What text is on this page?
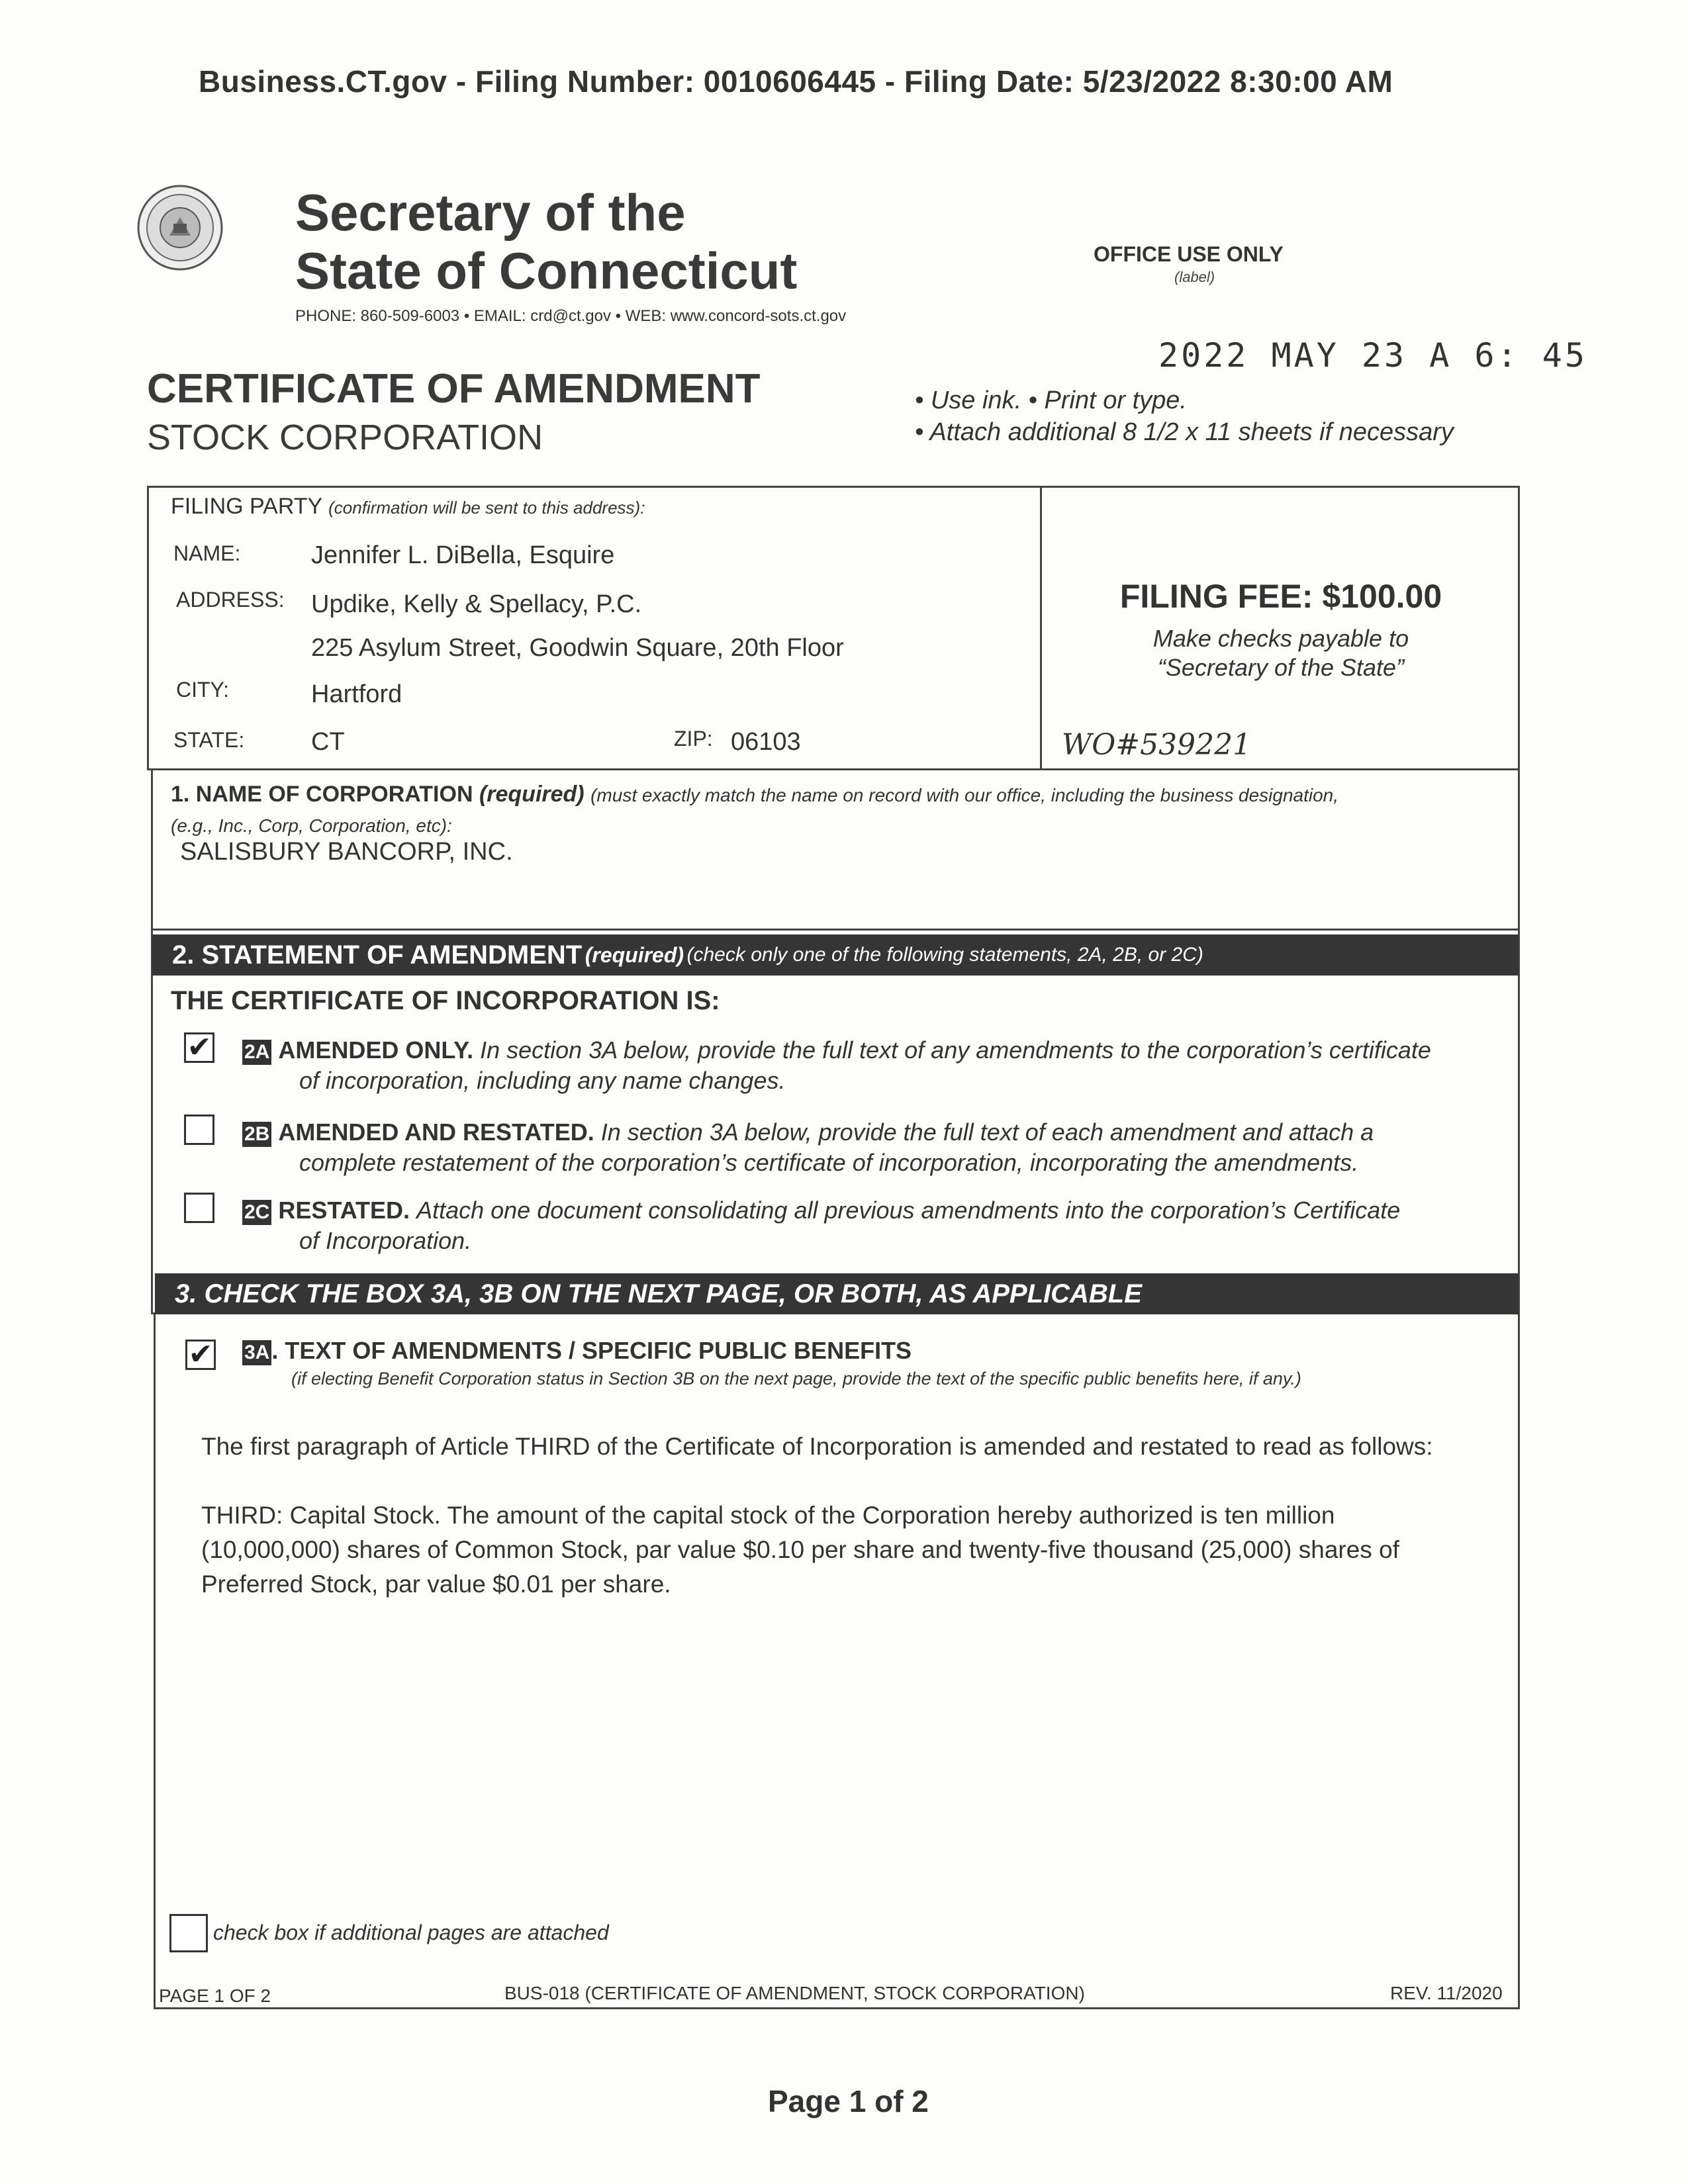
Business.CT.gov - Filing Number: 0010606445 - Filing Date: 5/23/2022 8:30:00 AM
Secretary of the
State of Connecticut
PHONE: 860-509-6003 • EMAIL: crd@ct.gov • WEB: www.concord-sots.ct.gov
OFFICE USE ONLY
(label)
2022 MAY 23 A 6: 45
CERTIFICATE OF AMENDMENT
STOCK CORPORATION
• Use ink. • Print or type.
• Attach additional 8 1/2 x 11 sheets if necessary
FILING PARTY (confirmation will be sent to this address):
NAME:	Jennifer L. DiBella, Esquire
ADDRESS: Updike, Kelly & Spellacy, P.C.
225 Asylum Street, Goodwin Square, 20th Floor
CITY:	Hartford
STATE:	CT	ZIP: 06103
FILING FEE: $100.00
Make checks payable to
“Secretary of the State”
WO#539221
1. NAME OF CORPORATION (required) (must exactly match the name on record with our office, including the business designation,
(e.g., Inc., Corp, Corporation, etc):
SALISBURY BANCORP, INC.
2. STATEMENT OF AMENDMENT
(required)
(check only one of the following statements, 2A, 2B, or 2C)
THE CERTIFICATE OF INCORPORATION IS:
✔ 2A AMENDED ONLY. In section 3A below, provide the full text of any amendments to the corporation’s certificate
of incorporation, including any name changes.
2B AMENDED AND RESTATED. In section 3A below, provide the full text of each amendment and attach a
complete restatement of the corporation’s certificate of incorporation, incorporating the amendments.
2C RESTATED. Attach one document consolidating all previous amendments into the corporation’s Certificate
of Incorporation.
3. CHECK THE BOX 3A, 3B ON THE NEXT PAGE, OR BOTH, AS APPLICABLE
✔ 3A. TEXT OF AMENDMENTS / SPECIFIC PUBLIC BENEFITS
(if electing Benefit Corporation status in Section 3B on the next page, provide the text of the specific public benefits here, if any.)
The first paragraph of Article THIRD of the Certificate of Incorporation is amended and restated to read as follows:
THIRD: Capital Stock. The amount of the capital stock of the Corporation hereby authorized is ten million (10,000,000) shares of Common Stock, par value $0.10 per share and twenty-five thousand (25,000) shares of Preferred Stock, par value $0.01 per share.
check box if additional pages are attached
PAGE 1 OF 2	BUS-018 (CERTIFICATE OF AMENDMENT, STOCK CORPORATION)	REV. 11/2020
Page 1 of 2
